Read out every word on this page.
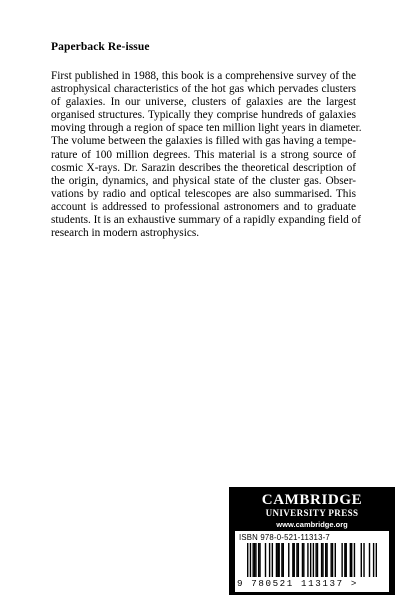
Paperback Re-issue
First published in 1988, this book is a comprehensive survey of the
astrophysical characteristics of the hot gas which pervades clusters
of galaxies. In our universe, clusters of galaxies are the largest
organised structures. Typically they comprise hundreds of galaxies
moving through a region of space ten million light years in diameter.
The volume between the galaxies is filled with gas having a tempe-
rature of 100 million degrees. This material is a strong source of
cosmic X-rays. Dr. Sarazin describes the theoretical description of
the origin, dynamics, and physical state of the cluster gas. Obser-
vations by radio and optical telescopes are also summarised. This
account is addressed to professional astronomers and to graduate
students. It is an exhaustive summary of a rapidly expanding field of
research in modern astrophysics.
CAMBRIDGE
UNIVERSITY PRESS
www.cambridge.org
ISBN 978-0-521-11313-7
9 780521 113137 >
